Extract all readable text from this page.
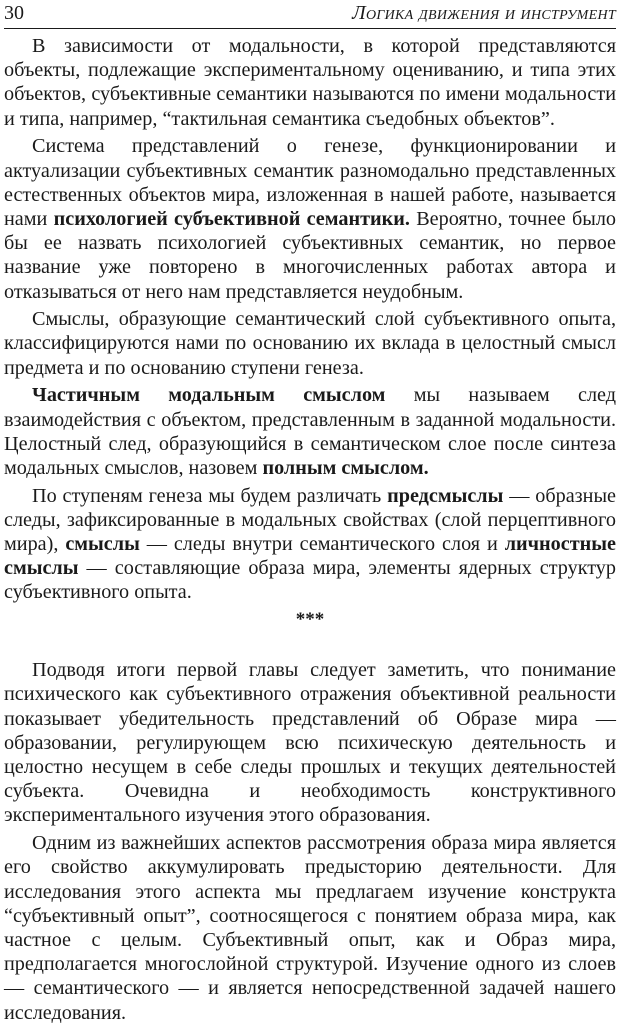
30	Логика движения и инструмент

В зависимости от модальности, в которой представляются объекты, подлежащие экспериментальному оцениванию, и типа этих объектов, субъективные семантики называются по имени модальности и типа, например, “тактильная семантика съедобных объектов”.

Система представлений о генезе, функционировании и актуализации субъективных семантик разномодально представленных естественных объектов мира, изложенная в нашей работе, называется нами психологией субъективной семантики. Вероятно, точнее было бы ее назвать психологией субъективных семантик, но первое название уже повторено в многочисленных работах автора и отказываться от него нам представляется неудобным.

Смыслы, образующие семантический слой субъективного опыта, классифицируются нами по основанию их вклада в целостный смысл предмета и по основанию ступени генеза.

Частичным модальным смыслом мы называем след взаимодействия с объектом, представленным в заданной модальности. Целостный след, образующийся в семантическом слое после синтеза модальных смыслов, назовем полным смыслом.

По ступеням генеза мы будем различать предсмыслы — образные следы, зафиксированные в модальных свойствах (слой перцептивного мира), смыслы — следы внутри семантического слоя и личностные смыслы — составляющие образа мира, элементы ядерных структур субъективного опыта.

***

Подводя итоги первой главы следует заметить, что понимание психического как субъективного отражения объективной реальности показывает убедительность представлений об Образе мира — образовании, регулирующем всю психическую деятельность и целостно несущем в себе следы прошлых и текущих деятельностей субъекта. Очевидна и необходимость конструктивного экспериментального изучения этого образования.

Одним из важнейших аспектов рассмотрения образа мира является его свойство аккумулировать предысторию деятельности. Для исследования этого аспекта мы предлагаем изучение конструкта “субъективный опыт”, соотносящегося с понятием образа мира, как частное с целым. Субъективный опыт, как и Образ мира, предполагается многослойной структурой. Изучение одного из слоев — семантического — и является непосредственной задачей нашего исследования.
